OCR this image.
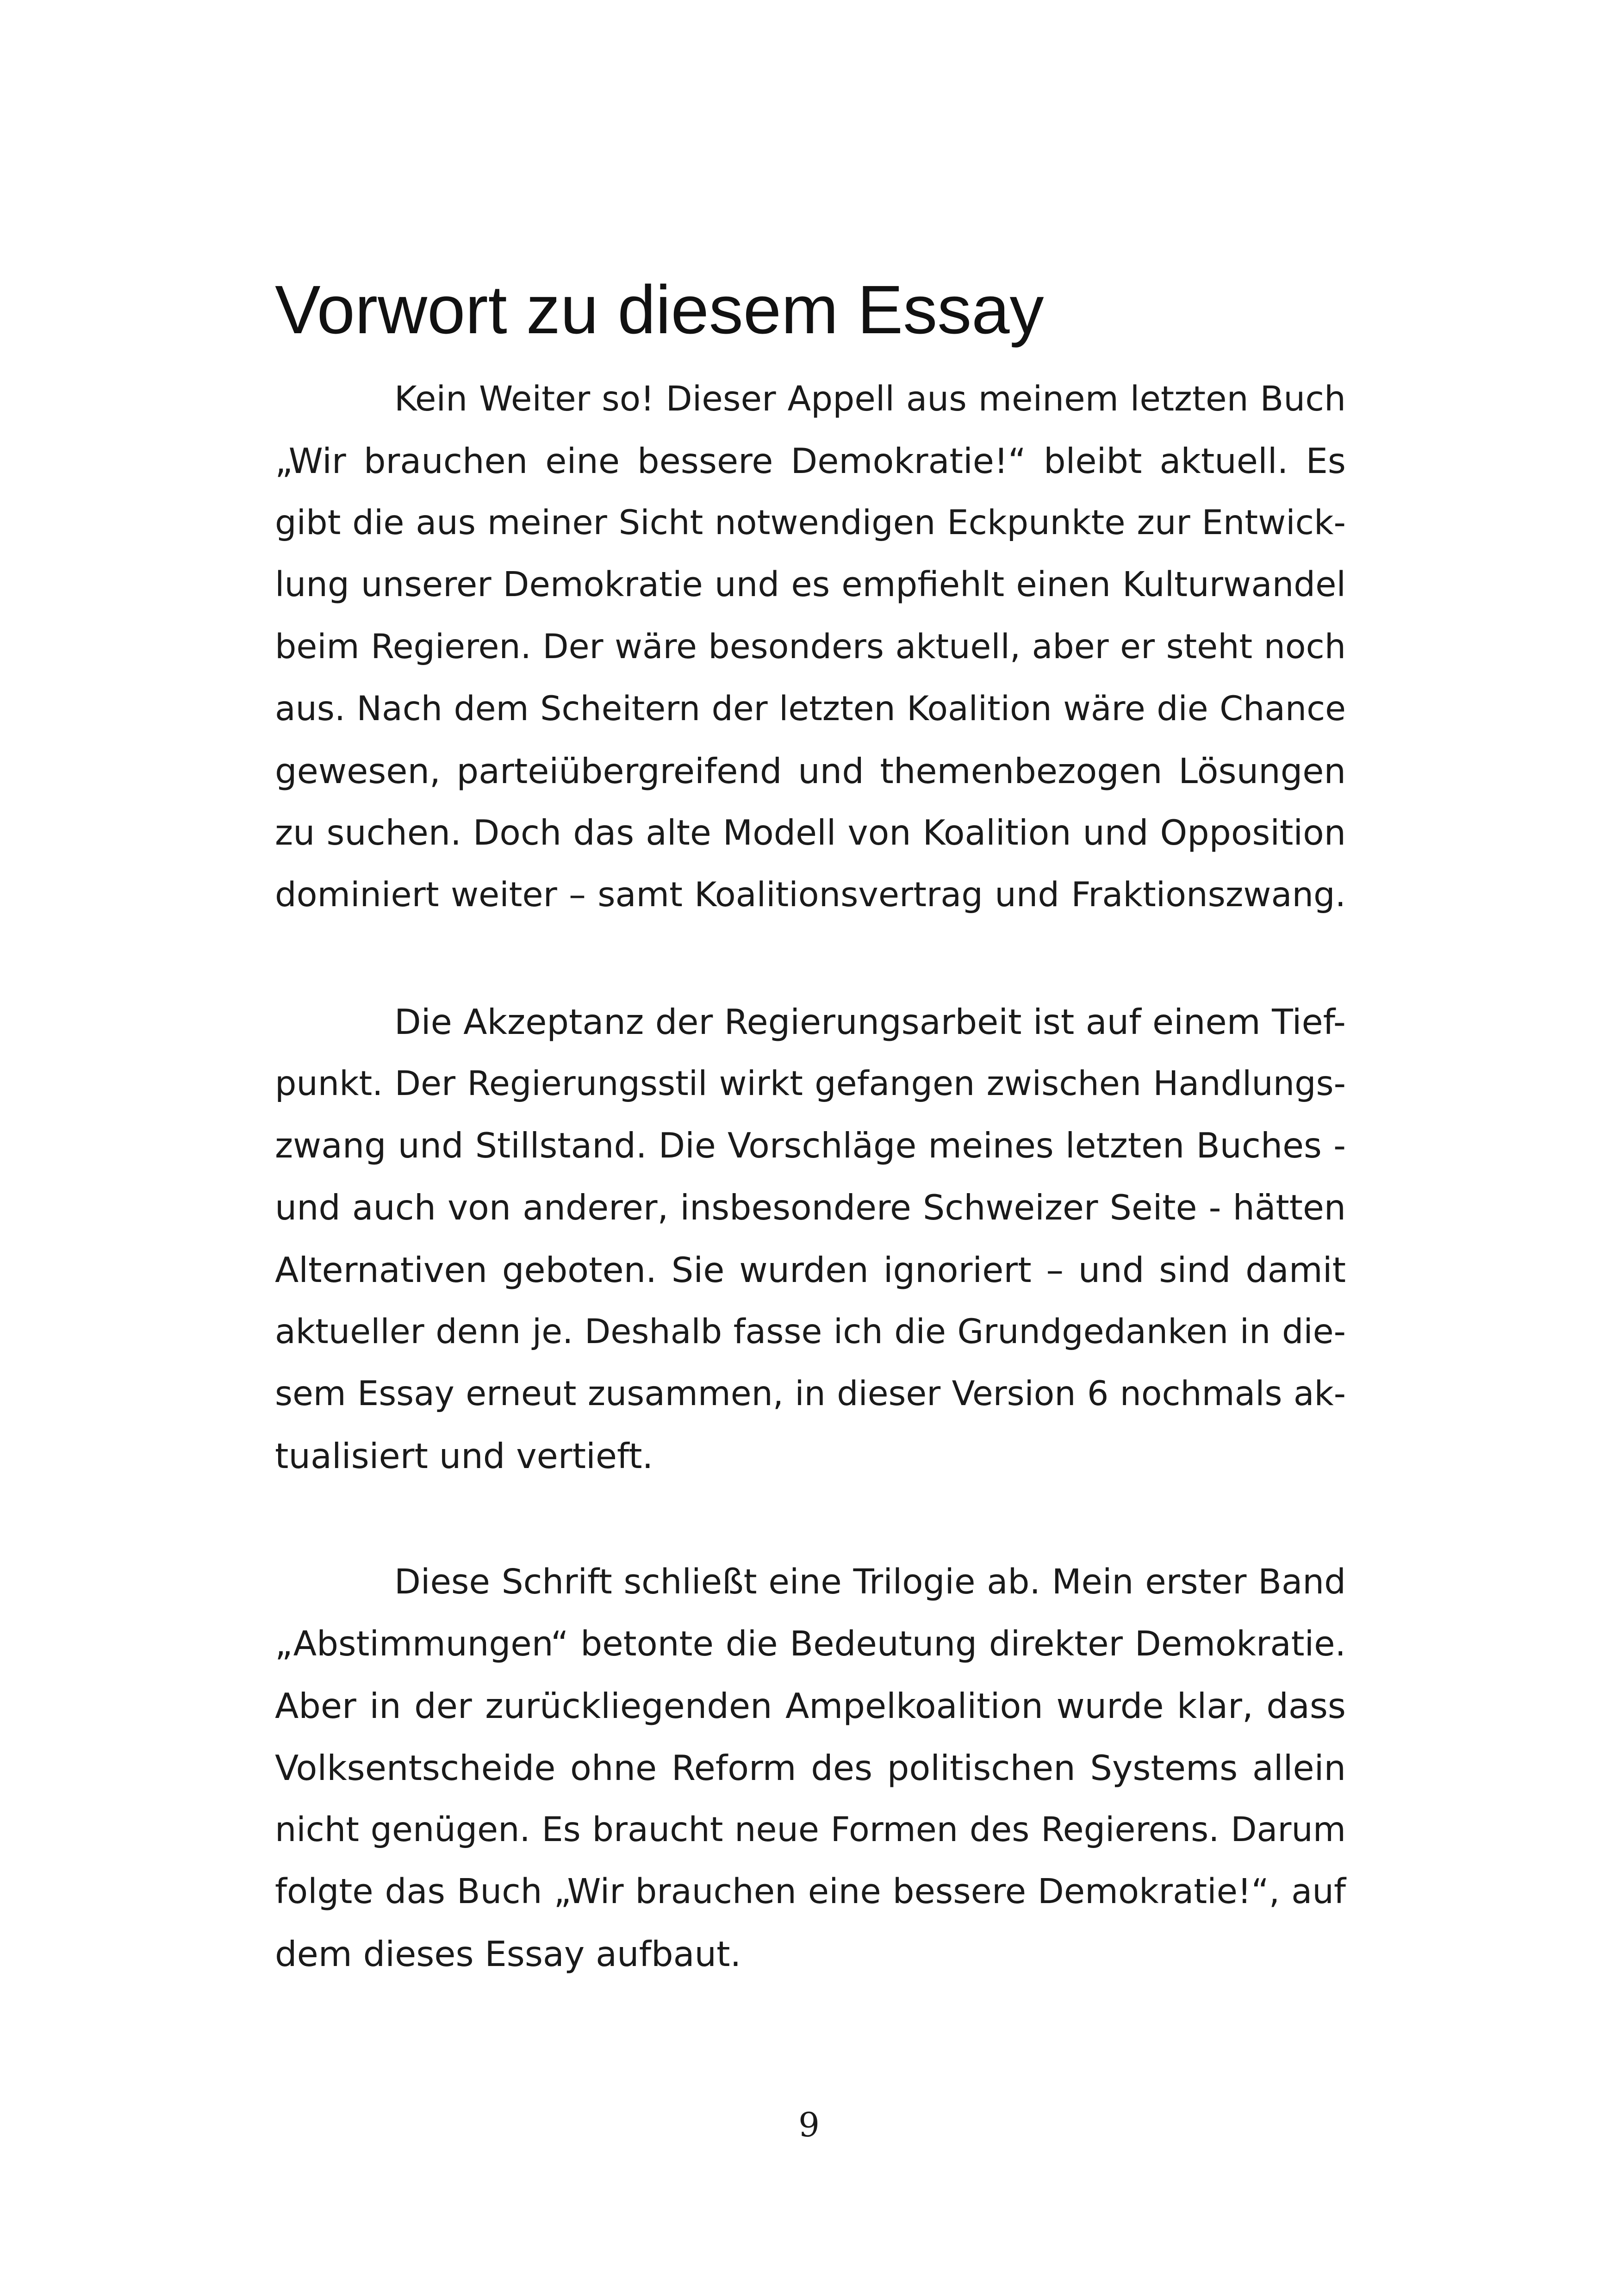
Vorwort zu diesem Essay
Kein Weiter so! Dieser Appell aus meinem letzten Buch
„Wir brauchen eine bessere Demokratie!“ bleibt aktuell. Es
gibt die aus meiner Sicht notwendigen Eckpunkte zur Entwick-
lung unserer Demokratie und es empfiehlt einen Kulturwandel
beim Regieren. Der wäre besonders aktuell, aber er steht noch
aus. Nach dem Scheitern der letzten Koalition wäre die Chance
gewesen, parteiübergreifend und themenbezogen Lösungen
zu suchen. Doch das alte Modell von Koalition und Opposition
dominiert weiter – samt Koalitionsvertrag und Fraktionszwang.
Die Akzeptanz der Regierungsarbeit ist auf einem Tief-
punkt. Der Regierungsstil wirkt gefangen zwischen Handlungs-
zwang und Stillstand. Die Vorschläge meines letzten Buches -
und auch von anderer, insbesondere Schweizer Seite - hätten
Alternativen geboten. Sie wurden ignoriert – und sind damit
aktueller denn je. Deshalb fasse ich die Grundgedanken in die-
sem Essay erneut zusammen, in dieser Version 6 nochmals ak-
tualisiert und vertieft.
Diese Schrift schließt eine Trilogie ab. Mein erster Band
„Abstimmungen“ betonte die Bedeutung direkter Demokratie.
Aber in der zurückliegenden Ampelkoalition wurde klar, dass
Volksentscheide ohne Reform des politischen Systems allein
nicht genügen. Es braucht neue Formen des Regierens. Darum
folgte das Buch „Wir brauchen eine bessere Demokratie!“, auf
dem dieses Essay aufbaut.
9
